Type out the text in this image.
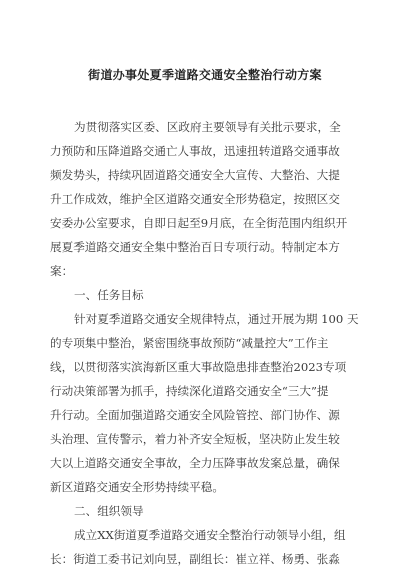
街道办事处夏季道路交通安全整治行动方案
为贯彻落实区委、区政府主要领导有关批示要求，全
力预防和压降道路交通亡人事故，迅速扭转道路交通事故
频发势头，持续巩固道路交通安全大宣传、大整治、大提
升工作成效，维护全区道路交通安全形势稳定，按照区交
安委办公室要求，自即日起至9月底，在全街范围内组织开
展夏季道路交通安全集中整治百日专项行动。特制定本方
案：
一、任务目标
针对夏季道路交通安全规律特点，通过开展为期 100 天
的专项集中整治，紧密围绕事故预防“减量控大”工作主
线，以贯彻落实滨海新区重大事故隐患排查整治2023专项
行动决策部署为抓手，持续深化道路交通安全“三大”提
升行动。全面加强道路交通安全风险管控、部门协作、源
头治理、宣传警示，着力补齐安全短板，坚决防止发生较
大以上道路交通安全事故，全力压降事故发案总量，确保
新区道路交通安全形势持续平稳。
二、组织领导
成立XX街道夏季道路交通安全整治行动领导小组，组
长：街道工委书记刘向昱，副组长：崔立祥、杨勇、张淼
